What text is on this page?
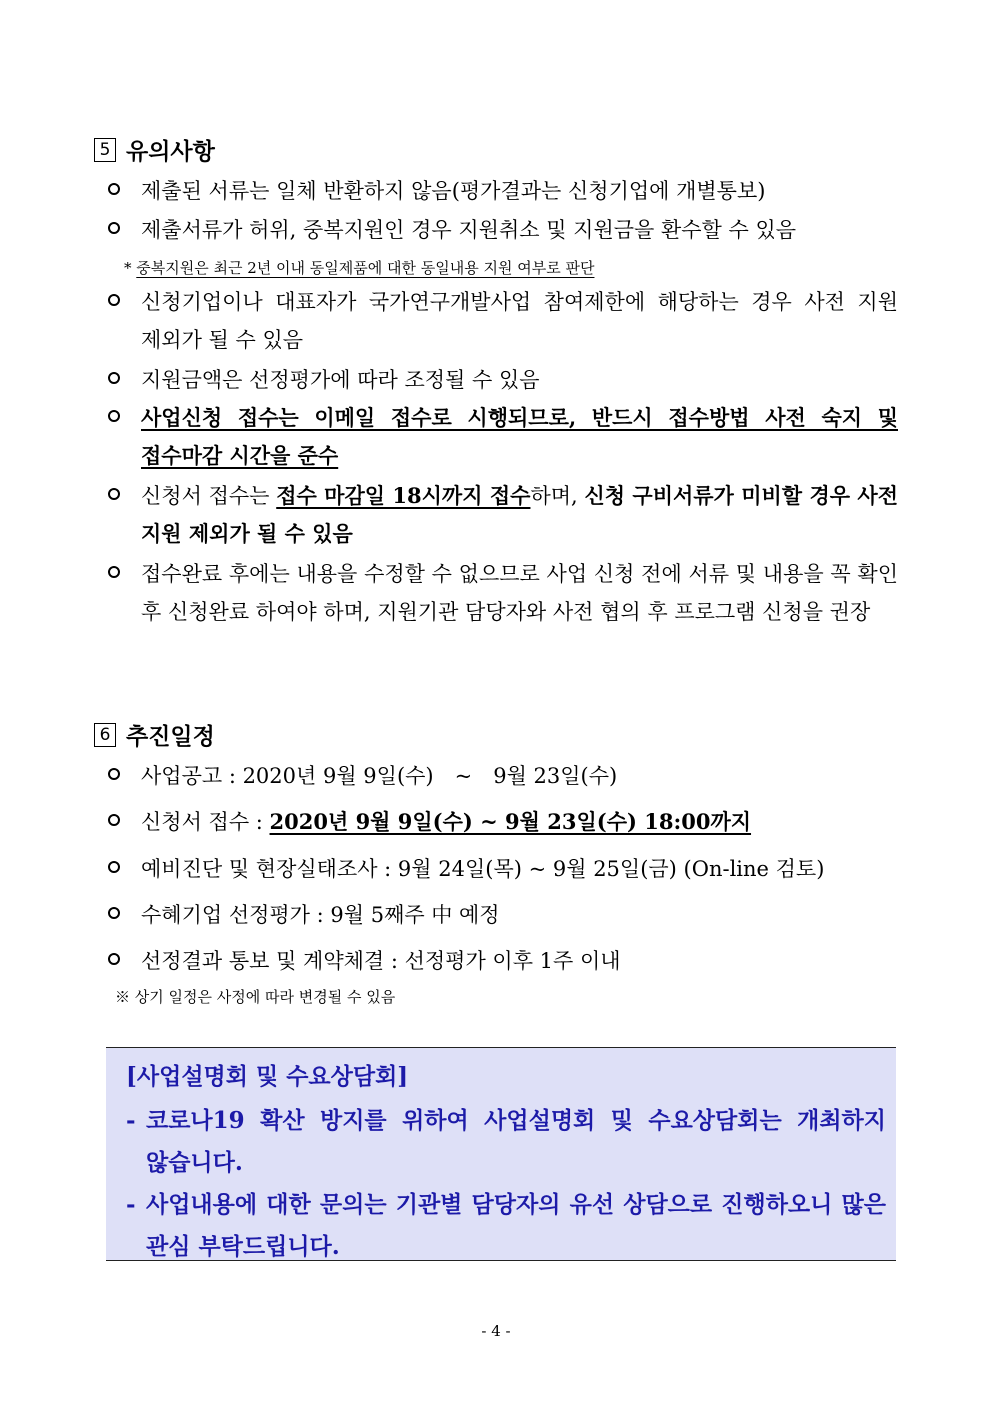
5 유의사항
제출된 서류는 일체 반환하지 않음(평가결과는 신청기업에 개별통보)
제출서류가 허위, 중복지원인 경우 지원취소 및 지원금을 환수할 수 있음
* 중복지원은 최근 2년 이내 동일제품에 대한 동일내용 지원 여부로 판단
신청기업이나 대표자가 국가연구개발사업 참여제한에 해당하는 경우 사전 지원 제외가 될 수 있음
지원금액은 선정평가에 따라 조정될 수 있음
사업신청 접수는 이메일 접수로 시행되므로, 반드시 접수방법 사전 숙지 및 접수마감 시간을 준수
신청서 접수는 접수 마감일 18시까지 접수하며, 신청 구비서류가 미비할 경우 사전 지원 제외가 될 수 있음
접수완료 후에는 내용을 수정할 수 없으므로 사업 신청 전에 서류 및 내용을 꼭 확인 후 신청완료 하여야 하며, 지원기관 담당자와 사전 협의 후 프로그램 신청을 권장
6 추진일정
사업공고 : 2020년 9월 9일(수)　~　9월 23일(수)
신청서 접수 : 2020년 9월 9일(수) ~ 9월 23일(수) 18:00까지
예비진단 및 현장실태조사 : 9월 24일(목) ~ 9월 25일(금) (On-line 검토)
수혜기업 선정평가 : 9월 5째주 中 예정
선정결과 통보 및 계약체결 : 선정평가 이후 1주 이내
※ 상기 일정은 사정에 따라 변경될 수 있음
[사업설명회 및 수요상담회]
- 코로나19 확산 방지를 위하여 사업설명회 및 수요상담회는 개최하지 않습니다.
- 사업내용에 대한 문의는 기관별 담당자의 유선 상담으로 진행하오니 많은 관심 부탁드립니다.
- 4 -
